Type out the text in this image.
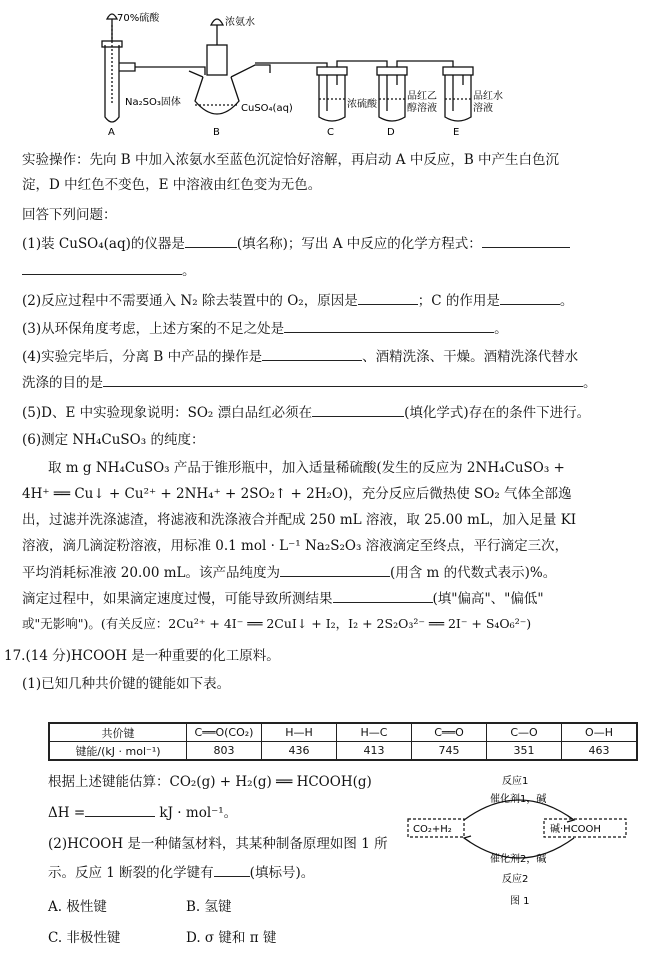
70%硫酸
Na₂SO₃固体
浓氨水
CuSO₄(aq)	浓硫酸
品红乙
醇溶液
品红水
溶液
A	B	C	D	E
实验操作：先向 B 中加入浓氨水至蓝色沉淀恰好溶解，再启动 A 中反应，B 中产生白色沉
淀，D 中红色不变色，E 中溶液由红色变为无色。
回答下列问题：
(1)装 CuSO₄(aq)的仪器是	(填名称)；写出 A 中反应的化学方程式：
。
(2)反应过程中不需要通入 N₂ 除去装置中的 O₂，原因是	；C 的作用是	。
(3)从环保角度考虑，上述方案的不足之处是	。
(4)实验完毕后，分离 B 中产品的操作是	、酒精洗涤、干燥。酒精洗涤代替水
洗涤的目的是	。
(5)D、E 中实验现象说明：SO₂ 漂白品红必须在	(填化学式)存在的条件下进行。
(6)测定 NH₄CuSO₃ 的纯度：
取 m g NH₄CuSO₃ 产品于锥形瓶中，加入适量稀硫酸(发生的反应为 2NH₄CuSO₃ +
4H⁺ ══ Cu↓ + Cu²⁺ + 2NH₄⁺ + 2SO₂↑ + 2H₂O)，充分反应后微热使 SO₂ 气体全部逸
出，过滤并洗涤滤渣，将滤液和洗涤液合并配成 250 mL 溶液，取 25.00 mL，加入足量 KI
溶液，滴几滴淀粉溶液，用标准 0.1 mol · L⁻¹ Na₂S₂O₃ 溶液滴定至终点，平行滴定三次，
平均消耗标准液 20.00 mL。该产品纯度为	(用含 m 的代数式表示)%。
滴定过程中，如果滴定速度过慢，可能导致所测结果	(填"偏高"、"偏低"
或"无影响")。(有关反应：2Cu²⁺ + 4I⁻ ══ 2CuI↓ + I₂，I₂ + 2S₂O₃²⁻ ══ 2I⁻ + S₄O₆²⁻)
17.(14 分)HCOOH 是一种重要的化工原料。
(1)已知几种共价键的键能如下表。
共价键	C══O(CO₂)	H—H	H—C	C══O	C—O	O—H
键能/(kJ · mol⁻¹)	803	436	413	745	351	463
根据上述键能估算：CO₂(g) + H₂(g) ══ HCOOH(g)
ΔH =	kJ · mol⁻¹。
(2)HCOOH 是一种储氢材料，其某种制备原理如图 1 所
示。反应 1 断裂的化学键有	(填标号)。
A. 极性键	B. 氢键
C. 非极性键	D. σ 键和 π 键
反应1
催化剂1，碱
CO₂+H₂	碱·HCOOH
催化剂2，碱
反应2
图 1
